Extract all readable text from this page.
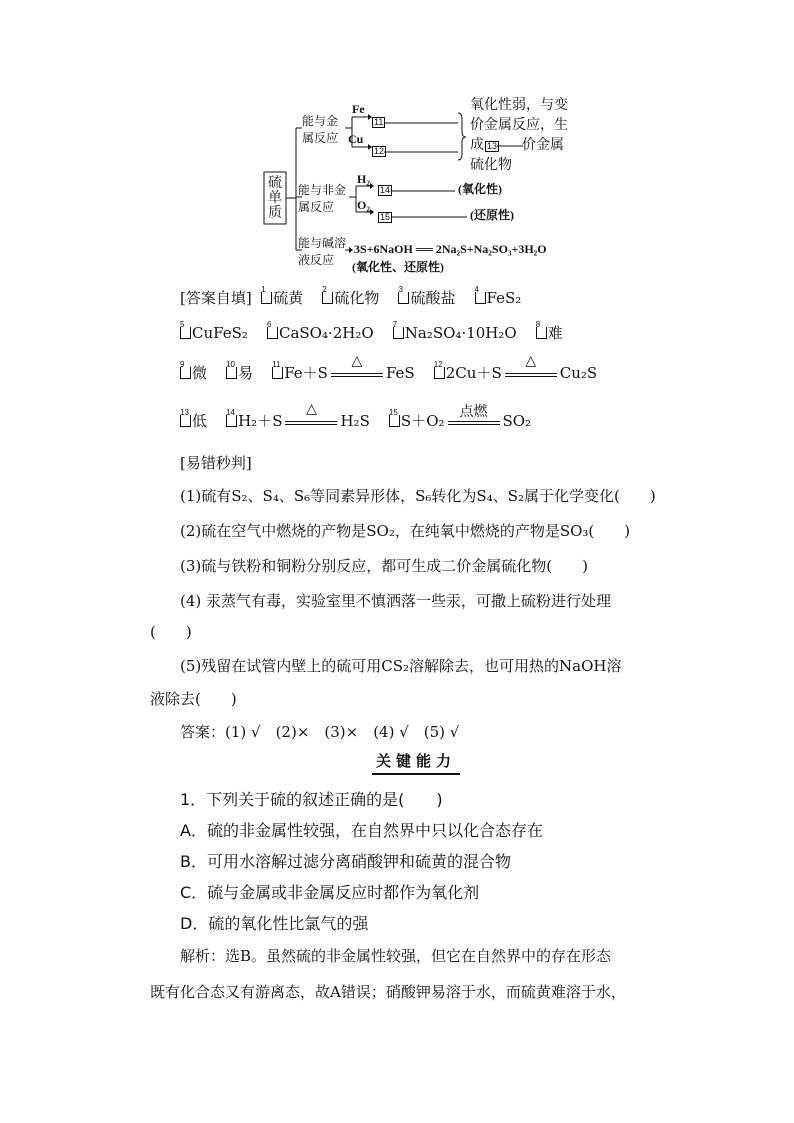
硫单质
能与金属反应
能与非金属反应
能与碱溶液反应
Fe
Cu
11
12
H₂
O₂
14
15
氧化性弱，与变
价金属反应，生
成 13 价金属
硫化物
(氧化性)
(还原性)
3S+6NaOH ══ 2Na₂S+Na₂SO₃+3H₂O
(氧化性、还原性)
[答案自填] 1 硫黄 2 硫化物 3 硫酸盐 4 FeS₂
5 CuFeS₂ 6 CaSO₄·2H₂O 7 Na₂SO₄·10H₂O 8 难
9 微 10 易 11 Fe＋S
△
FeS 12 2Cu＋S
△
Cu₂S
13 低 14 H₂＋S
△
H₂S 15 S＋O₂	点燃	SO₂
[易错秒判]
(1)硫有S₂、S₄、S₆等同素异形体，S₆转化为S₄、S₂属于化学变化(　　)
(2)硫在空气中燃烧的产物是SO₂，在纯氧中燃烧的产物是SO₃(　　)
(3)硫与铁粉和铜粉分别反应，都可生成二价金属硫化物(　　)
(4) 汞蒸气有毒，实验室里不慎洒落一些汞，可撒上硫粉进行处理
(　　)
(5)残留在试管内壁上的硫可用CS₂溶解除去，也可用热的NaOH溶
液除去(　　)
答案：(1) √　(2)×　(3)×　(4) √　(5) √
关键能力
1．下列关于硫的叙述正确的是(　　)
A．硫的非金属性较强，在自然界中只以化合态存在
B．可用水溶解过滤分离硝酸钾和硫黄的混合物
C．硫与金属或非金属反应时都作为氧化剂
D．硫的氧化性比氯气的强
解析：选B。虽然硫的非金属性较强，但它在自然界中的存在形态
既有化合态又有游离态，故A错误；硝酸钾易溶于水，而硫黄难溶于水，
